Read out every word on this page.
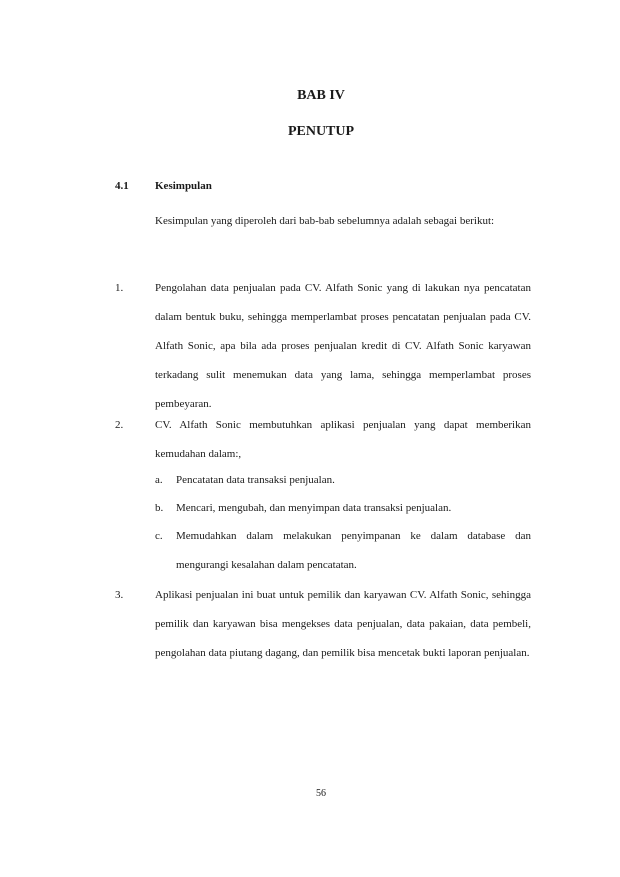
BAB IV
PENUTUP
4.1 Kesimpulan
Kesimpulan yang diperoleh dari bab-bab sebelumnya adalah sebagai berikut:
1.	Pengolahan data penjualan pada CV. Alfath Sonic yang di lakukan nya pencatatan dalam bentuk buku, sehingga memperlambat proses pencatatan penjualan pada CV. Alfath Sonic, apa bila ada proses penjualan kredit di CV. Alfath Sonic karyawan terkadang sulit menemukan data yang lama, sehingga memperlambat proses pembeyaran.
2.	CV. Alfath Sonic membutuhkan aplikasi penjualan yang dapat memberikan kemudahan dalam:,
a. Pencatatan data transaksi penjualan.
b. Mencari, mengubah, dan menyimpan data transaksi penjualan.
c. Memudahkan dalam melakukan penyimpanan ke dalam database dan mengurangi kesalahan dalam pencatatan.
3.	Aplikasi penjualan ini buat untuk pemilik dan karyawan CV. Alfath Sonic, sehingga pemilik dan karyawan bisa mengekses data penjualan, data pakaian, data pembeli, pengolahan data piutang dagang, dan pemilik bisa mencetak bukti laporan penjualan.
56
